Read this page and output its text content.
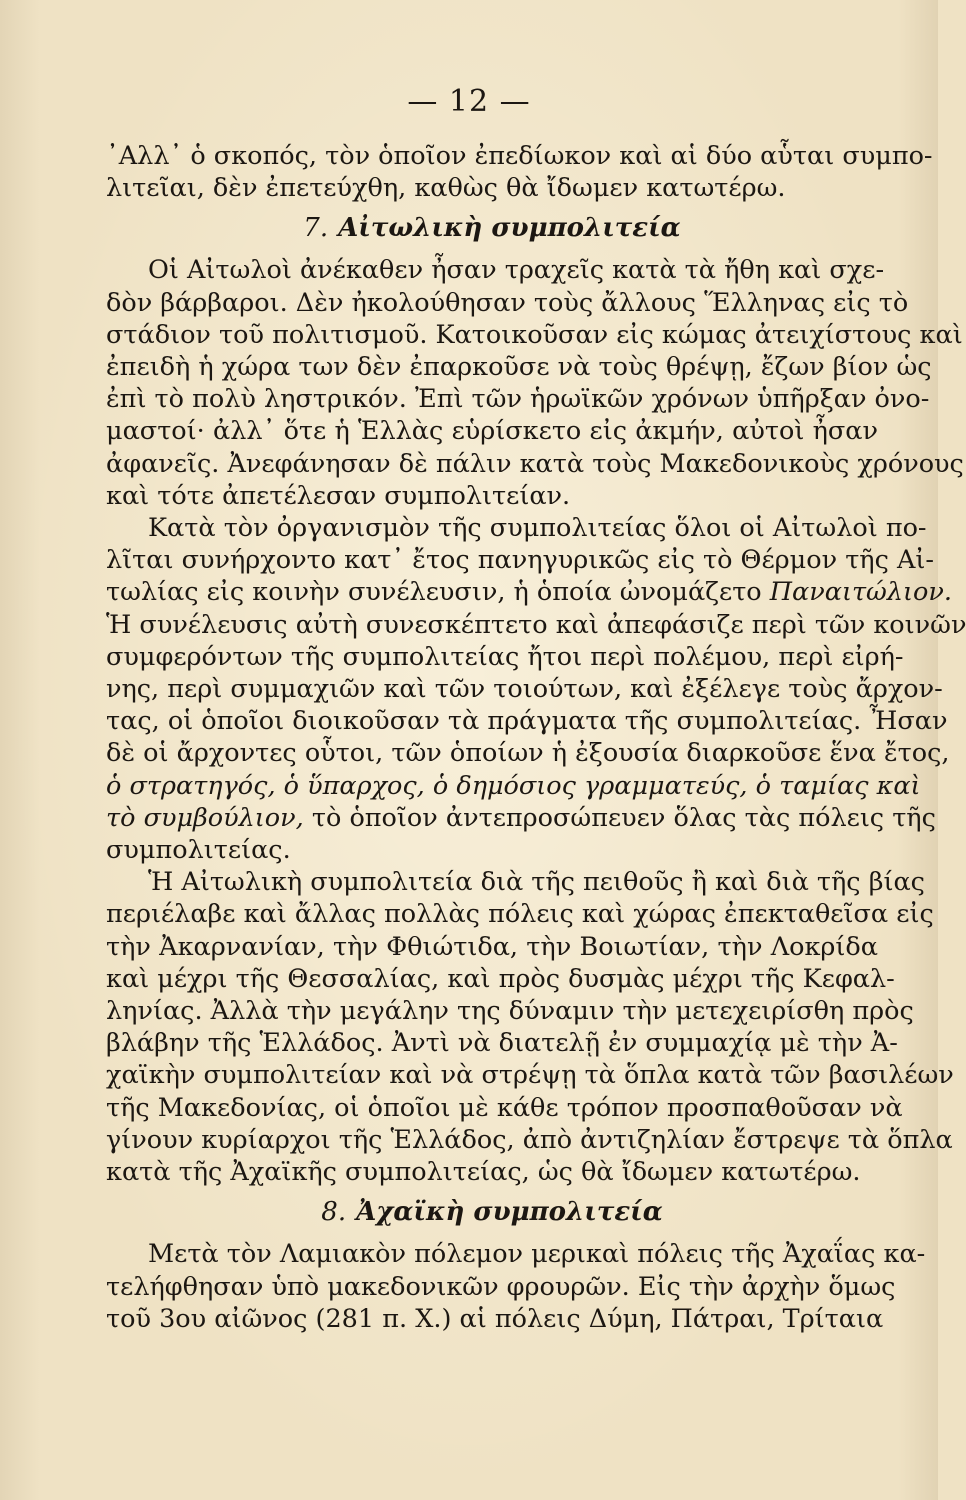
— 12 —
᾽Αλλ᾽ ὁ σκοπός, τὸν ὁποῖον ἐπεδίωκον καὶ αἱ δύο αὗται συμπο-
λιτεῖαι, δὲν ἐπετεύχθη, καθὼς θὰ ἴδωμεν κατωτέρω.
7. Αἰτωλικὴ συμπολιτεία
Οἱ Αἰτωλοὶ ἀνέκαθεν ἦσαν τραχεῖς κατὰ τὰ ἤθη καὶ σχε-
δὸν βάρβαροι. Δὲν ἠκολούθησαν τοὺς ἄλλους Ἕλληνας εἰς τὸ
στάδιον τοῦ πολιτισμοῦ. Κατοικοῦσαν εἰς κώμας ἀτειχίστους καὶ
ἐπειδὴ ἡ χώρα των δὲν ἐπαρκοῦσε νὰ τοὺς θρέψῃ, ἔζων βίον ὡς
ἐπὶ τὸ πολὺ ληστρικόν. Ἐπὶ τῶν ἡρωϊκῶν χρόνων ὑπῆρξαν ὀνο-
μαστοί· ἀλλ᾽ ὅτε ἡ Ἑλλὰς εὑρίσκετο εἰς ἀκμήν, αὐτοὶ ἦσαν
ἀφανεῖς. Ἀνεφάνησαν δὲ πάλιν κατὰ τοὺς Μακεδονικοὺς χρόνους
καὶ τότε ἀπετέλεσαν συμπολιτείαν.
Κατὰ τὸν ὀργανισμὸν τῆς συμπολιτείας ὅλοι οἱ Αἰτωλοὶ πο-
λῖται συνήρχοντο κατ᾽ ἔτος πανηγυρικῶς εἰς τὸ Θέρμον τῆς Αἰ-
τωλίας εἰς κοινὴν συνέλευσιν, ἡ ὁποία ὠνομάζετο Παναιτώλιον.
Ἡ συνέλευσις αὐτὴ συνεσκέπτετο καὶ ἀπεφάσιζε περὶ τῶν κοινῶν
συμφερόντων τῆς συμπολιτείας ἤτοι περὶ πολέμου, περὶ εἰρή-
νης, περὶ συμμαχιῶν καὶ τῶν τοιούτων, καὶ ἐξέλεγε τοὺς ἄρχον-
τας, οἱ ὁποῖοι διοικοῦσαν τὰ πράγματα τῆς συμπολιτείας. Ἦσαν
δὲ οἱ ἄρχοντες οὗτοι, τῶν ὁποίων ἡ ἐξουσία διαρκοῦσε ἕνα ἔτος,
ὁ στρατηγός, ὁ ὕπαρχος, ὁ δημόσιος γραμματεύς, ὁ ταμίας καὶ
τὸ συμβούλιον, τὸ ὁποῖον ἀντεπροσώπευεν ὅλας τὰς πόλεις τῆς
συμπολιτείας.
Ἡ Αἰτωλικὴ συμπολιτεία διὰ τῆς πειθοῦς ἢ καὶ διὰ τῆς βίας
περιέλαβε καὶ ἄλλας πολλὰς πόλεις καὶ χώρας ἐπεκταθεῖσα εἰς
τὴν Ἀκαρνανίαν, τὴν Φθιώτιδα, τὴν Βοιωτίαν, τὴν Λοκρίδα
καὶ μέχρι τῆς Θεσσαλίας, καὶ πρὸς δυσμὰς μέχρι τῆς Κεφαλ-
ληνίας. Ἀλλὰ τὴν μεγάλην της δύναμιν τὴν μετεχειρίσθη πρὸς
βλάβην τῆς Ἑλλάδος. Ἀντὶ νὰ διατελῇ ἐν συμμαχίᾳ μὲ τὴν Ἀ-
χαϊκὴν συμπολιτείαν καὶ νὰ στρέψῃ τὰ ὅπλα κατὰ τῶν βασιλέων
τῆς Μακεδονίας, οἱ ὁποῖοι μὲ κάθε τρόπον προσπαθοῦσαν νὰ
γίνουν κυρίαρχοι τῆς Ἑλλάδος, ἀπὸ ἀντιζηλίαν ἔστρεψε τὰ ὅπλα
κατὰ τῆς Ἀχαϊκῆς συμπολιτείας, ὡς θὰ ἴδωμεν κατωτέρω.
8. Ἀχαϊκὴ συμπολιτεία
Μετὰ τὸν Λαμιακὸν πόλεμον μερικαὶ πόλεις τῆς Ἀχαΐας κα-
τελήφθησαν ὑπὸ μακεδονικῶν φρουρῶν. Εἰς τὴν ἀρχὴν ὅμως
τοῦ 3ου αἰῶνος (281 π. Χ.) αἱ πόλεις Δύμη, Πάτραι, Τρίταια
